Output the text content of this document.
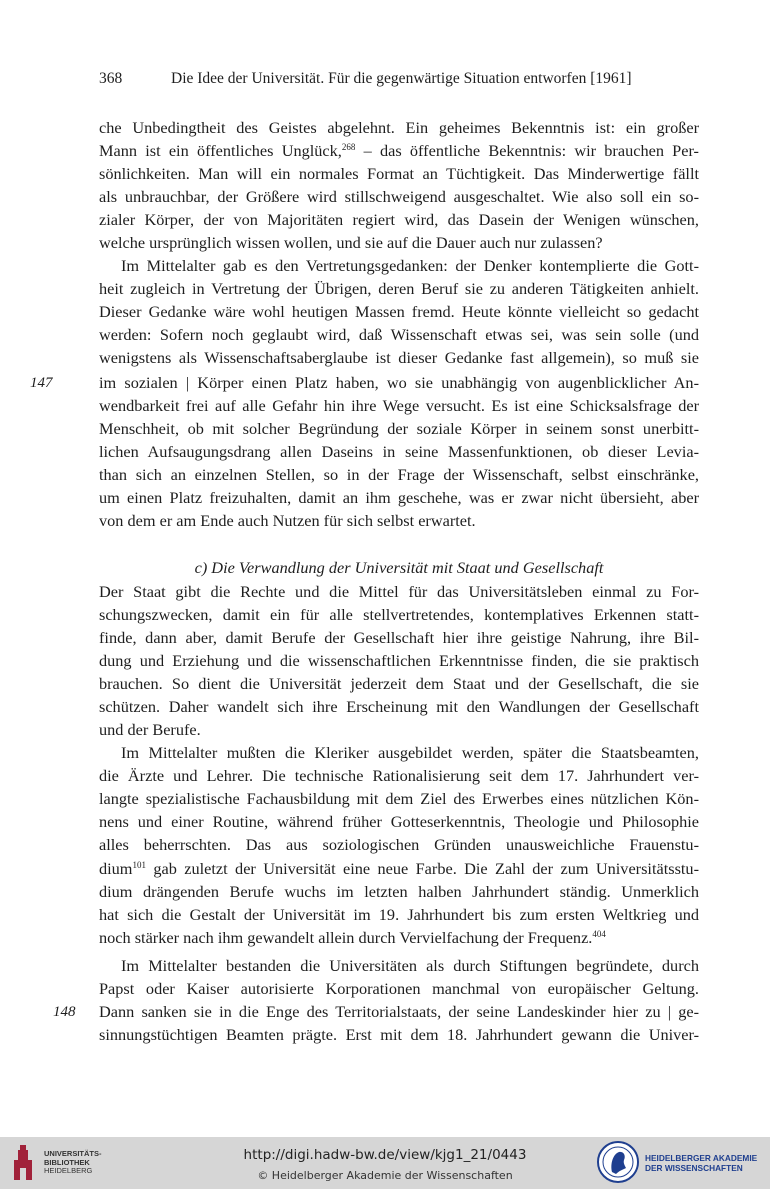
368	Die Idee der Universität. Für die gegenwärtige Situation entworfen [1961]
147
148
che Unbedingtheit des Geistes abgelehnt. Ein geheimes Bekenntnis ist: ein großer
Mann ist ein öffentliches Unglück,$^{268}$ – das öffentliche Bekenntnis: wir brauchen Per-
sönlichkeiten. Man will ein normales Format an Tüchtigkeit. Das Minderwertige fällt
als unbrauchbar, der Größere wird stillschweigend ausgeschaltet. Wie also soll ein so-
zialer Körper, der von Majoritäten regiert wird, das Dasein der Wenigen wünschen,
welche ursprünglich wissen wollen, und sie auf die Dauer auch nur zulassen?
Im Mittelalter gab es den Vertretungsgedanken: der Denker kontemplierte die Gott-
heit zugleich in Vertretung der Übrigen, deren Beruf sie zu anderen Tätigkeiten anhielt.
Dieser Gedanke wäre wohl heutigen Massen fremd. Heute könnte vielleicht so gedacht
werden: Sofern noch geglaubt wird, daß Wissenschaft etwas sei, was sein solle (und
wenigstens als Wissenschaftsaberglaube ist dieser Gedanke fast allgemein), so muß sie
im sozialen | Körper einen Platz haben, wo sie unabhängig von augenblicklicher An-
wendbarkeit frei auf alle Gefahr hin ihre Wege versucht. Es ist eine Schicksalsfrage der
Menschheit, ob mit solcher Begründung der soziale Körper in seinem sonst unerbitt-
lichen Aufsaugungsdrang allen Daseins in seine Massenfunktionen, ob dieser Levia-
than sich an einzelnen Stellen, so in der Frage der Wissenschaft, selbst einschränke,
um einen Platz freizuhalten, damit an ihm geschehe, was er zwar nicht übersieht, aber
von dem er am Ende auch Nutzen für sich selbst erwartet.
c) Die Verwandlung der Universität mit Staat und Gesellschaft
Der Staat gibt die Rechte und die Mittel für das Universitätsleben einmal zu For-
schungszwecken, damit ein für alle stellvertretendes, kontemplatives Erkennen statt-
finde, dann aber, damit Berufe der Gesellschaft hier ihre geistige Nahrung, ihre Bil-
dung und Erziehung und die wissenschaftlichen Erkenntnisse finden, die sie praktisch
brauchen. So dient die Universität jederzeit dem Staat und der Gesellschaft, die sie
schützen. Daher wandelt sich ihre Erscheinung mit den Wandlungen der Gesellschaft
und der Berufe.
Im Mittelalter mußten die Kleriker ausgebildet werden, später die Staatsbeamten,
die Ärzte und Lehrer. Die technische Rationalisierung seit dem 17. Jahrhundert ver-
langte spezialistische Fachausbildung mit dem Ziel des Erwerbes eines nützlichen Kön-
nens und einer Routine, während früher Gotteserkenntnis, Theologie und Philosophie
alles beherrschten. Das aus soziologischen Gründen unausweichliche Frauenstu-
dium$^{101}$ gab zuletzt der Universität eine neue Farbe. Die Zahl der zum Universitätsstu-
dium drängenden Berufe wuchs im letzten halben Jahrhundert ständig. Unmerklich
hat sich die Gestalt der Universität im 19. Jahrhundert bis zum ersten Weltkrieg und
noch stärker nach ihm gewandelt allein durch Vervielfachung der Frequenz.$^{404}$
Im Mittelalter bestanden die Universitäten als durch Stiftungen begründete, durch
Papst oder Kaiser autorisierte Korporationen manchmal von europäischer Geltung.
Dann sanken sie in die Enge des Territorialstaats, der seine Landeskinder hier zu | ge-
sinnungstüchtigen Beamten prägte. Erst mit dem 18. Jahrhundert gewann die Univer-
UNIVERSITÄTS-
BIBLIOTHEK
HEIDELBERG
http://digi.hadw-bw.de/view/kjg1_21/0443
© Heidelberger Akademie der Wissenschaften
HEIDELBERGER AKADEMIE
DER WISSENSCHAFTEN
